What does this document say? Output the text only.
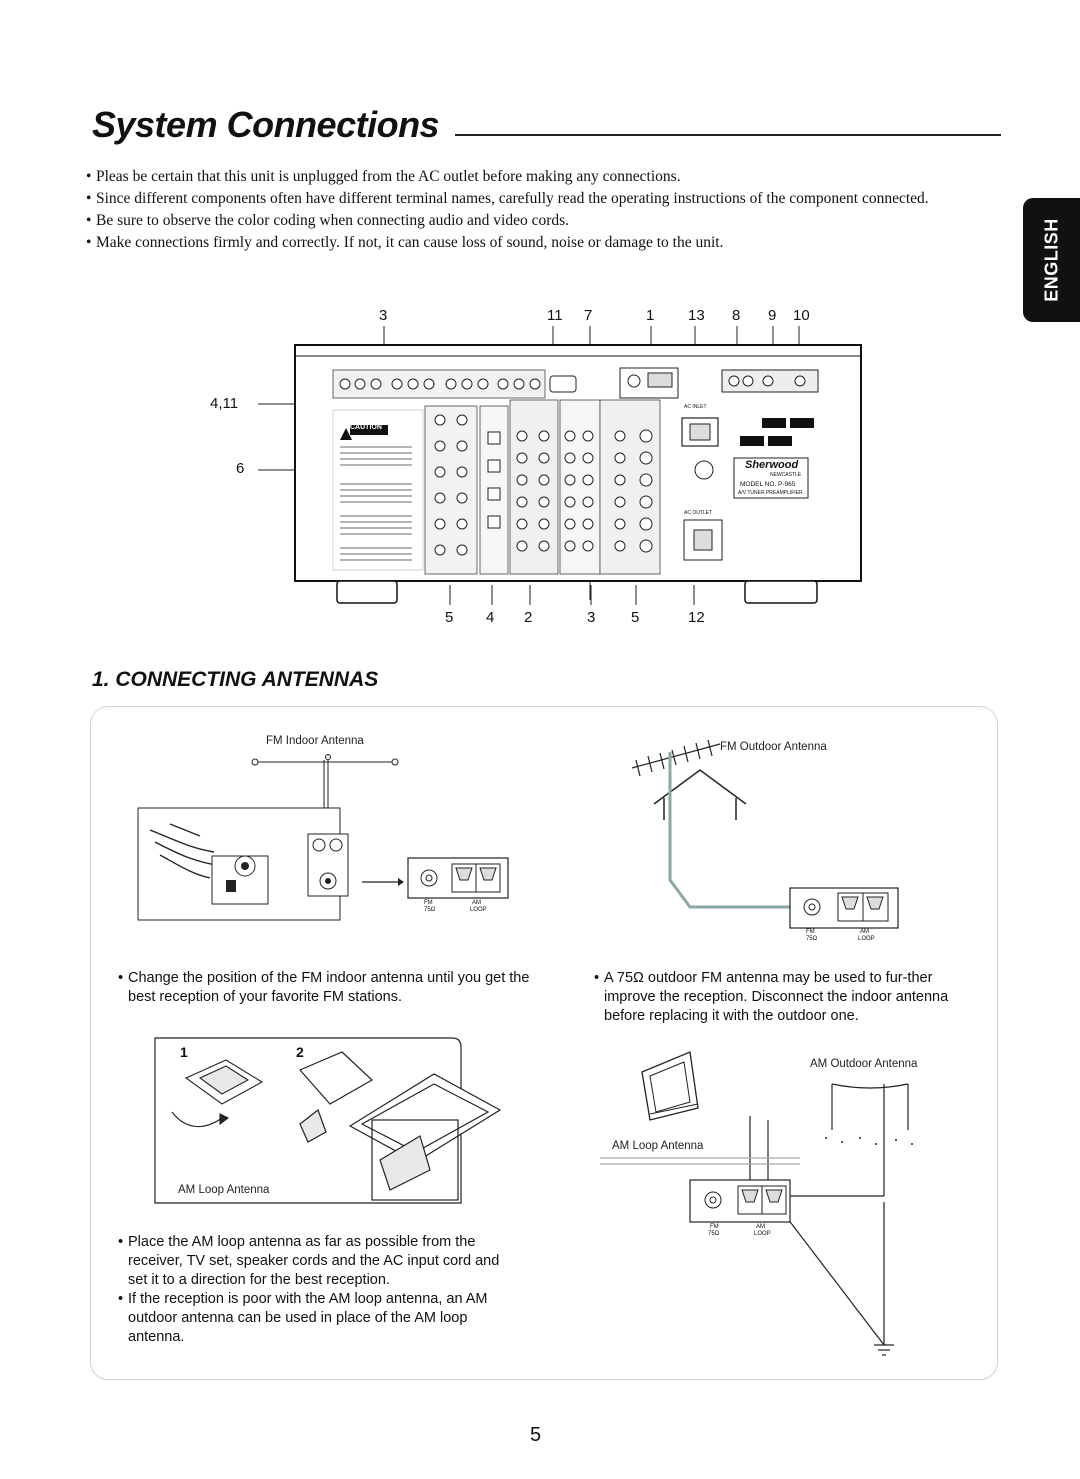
System Connections
ENGLISH
• Pleas be certain that this unit is unplugged from the AC outlet before making any connections.
• Since different components often have different terminal names, carefully read the operating instructions of the component connected.
• Be sure to observe the color coding when connecting audio and video cords.
• Make connections firmly and correctly. If not, it can cause loss of sound, noise or damage to the unit.
3	11 7	1 13 8 9 10
4,11
6
5 4 2	3 5	12
CAUTION
Sherwood
NEWCASTLE
MODEL NO. P-965
A/V TUNER PREAMPLIFIER
AC INLET
AC OUTLET
1. CONNECTING ANTENNAS
FM Indoor Antenna	FM Outdoor Antenna
FM
75Ω
AM
LOOP
FM
75Ω
AM
LOOP
• Change the position of the FM indoor antenna until you get the best reception of your favorite FM stations.
• A 75Ω outdoor FM antenna may be used to fur-ther improve the reception. Disconnect the indoor antenna before replacing it with the outdoor one.
1	2
AM Loop Antenna
AM Loop Antenna
AM Outdoor Antenna
FM
75Ω
AM
LOOP
• Place the AM loop antenna as far as possible from the receiver, TV set, speaker cords and the AC input cord and set it to a direction for the best reception.
• If the reception is poor with the AM loop antenna, an AM outdoor antenna can be used in place of the AM loop antenna.
5
